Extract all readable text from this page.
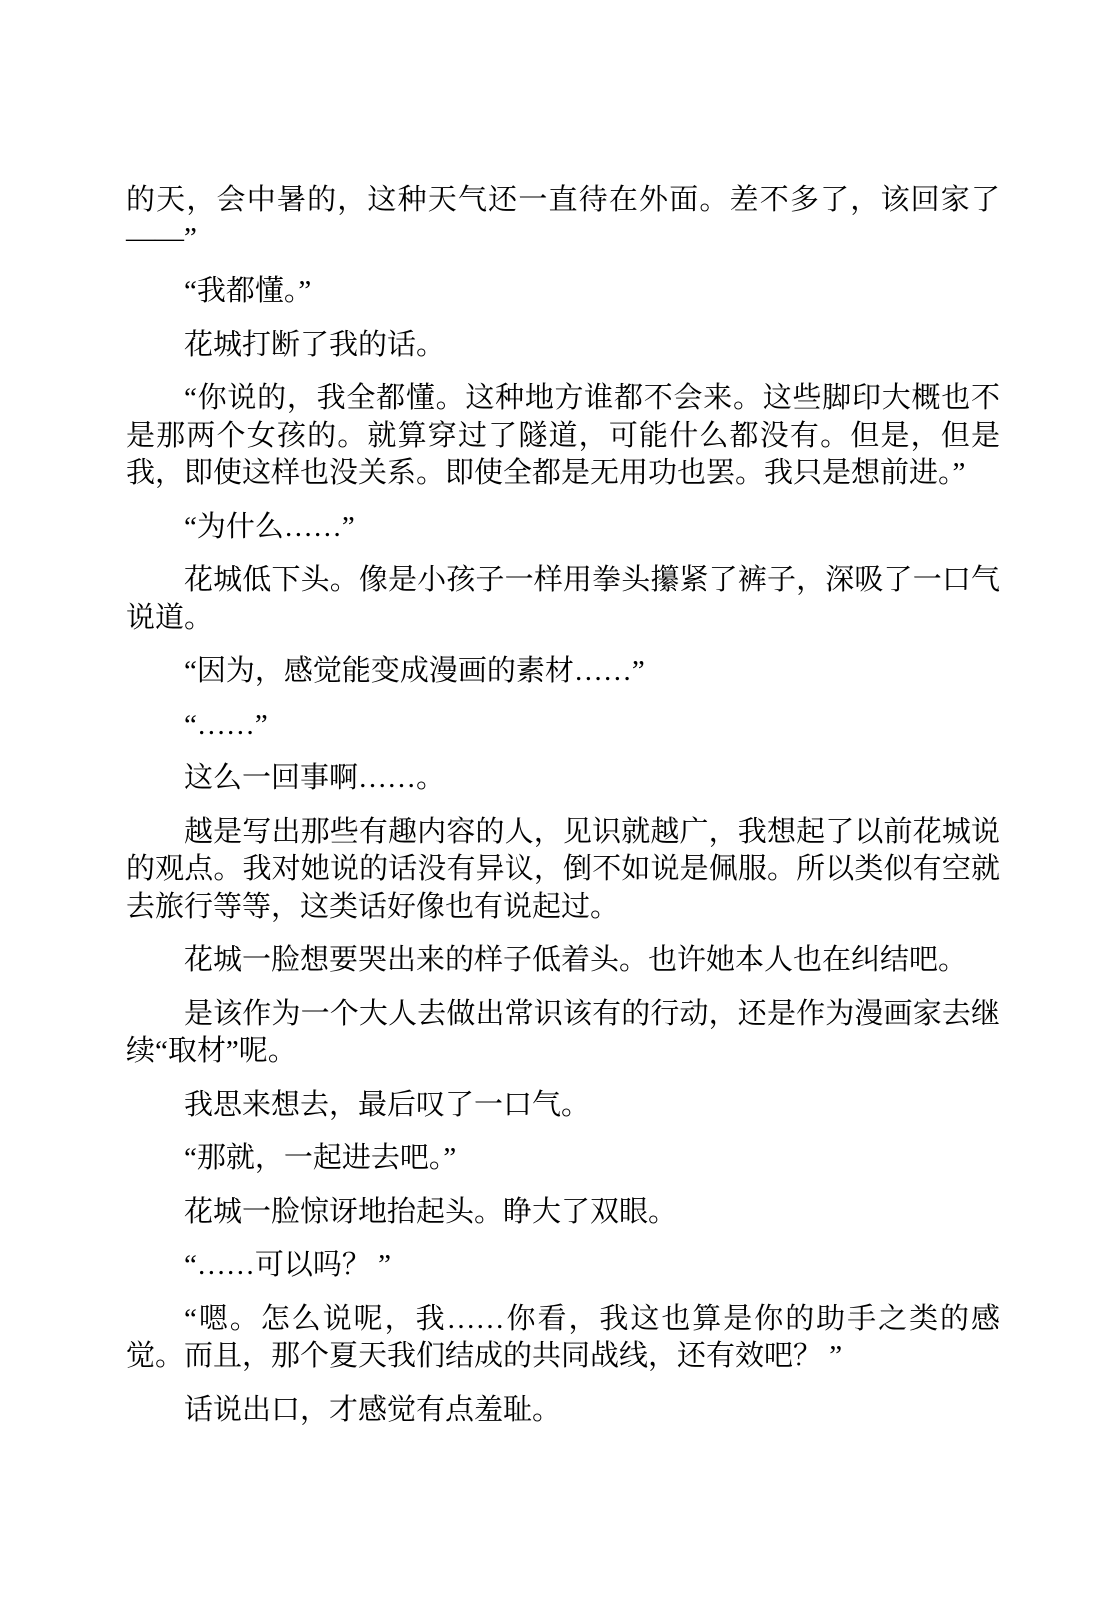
的天，会中暑的，这种天气还一直待在外面。差不多了，该回家了——”

“我都懂。”

花城打断了我的话。

“你说的，我全都懂。这种地方谁都不会来。这些脚印大概也不是那两个女孩的。就算穿过了隧道，可能什么都没有。但是，但是我，即使这样也没关系。即使全都是无用功也罢。我只是想前进。”

“为什么……”

花城低下头。像是小孩子一样用拳头攥紧了裤子，深吸了一口气说道。

“因为，感觉能变成漫画的素材……”

“……”

这么一回事啊……。

越是写出那些有趣内容的人，见识就越广，我想起了以前花城说的观点。我对她说的话没有异议，倒不如说是佩服。所以类似有空就去旅行等等，这类话好像也有说起过。

花城一脸想要哭出来的样子低着头。也许她本人也在纠结吧。

是该作为一个大人去做出常识该有的行动，还是作为漫画家去继续“取材”呢。

我思来想去，最后叹了一口气。

“那就，一起进去吧。”

花城一脸惊讶地抬起头。睁大了双眼。

“……可以吗？ ”

“嗯。怎么说呢，我……你看，我这也算是你的助手之类的感觉。而且，那个夏天我们结成的共同战线，还有效吧？ ”

话说出口，才感觉有点羞耻。
